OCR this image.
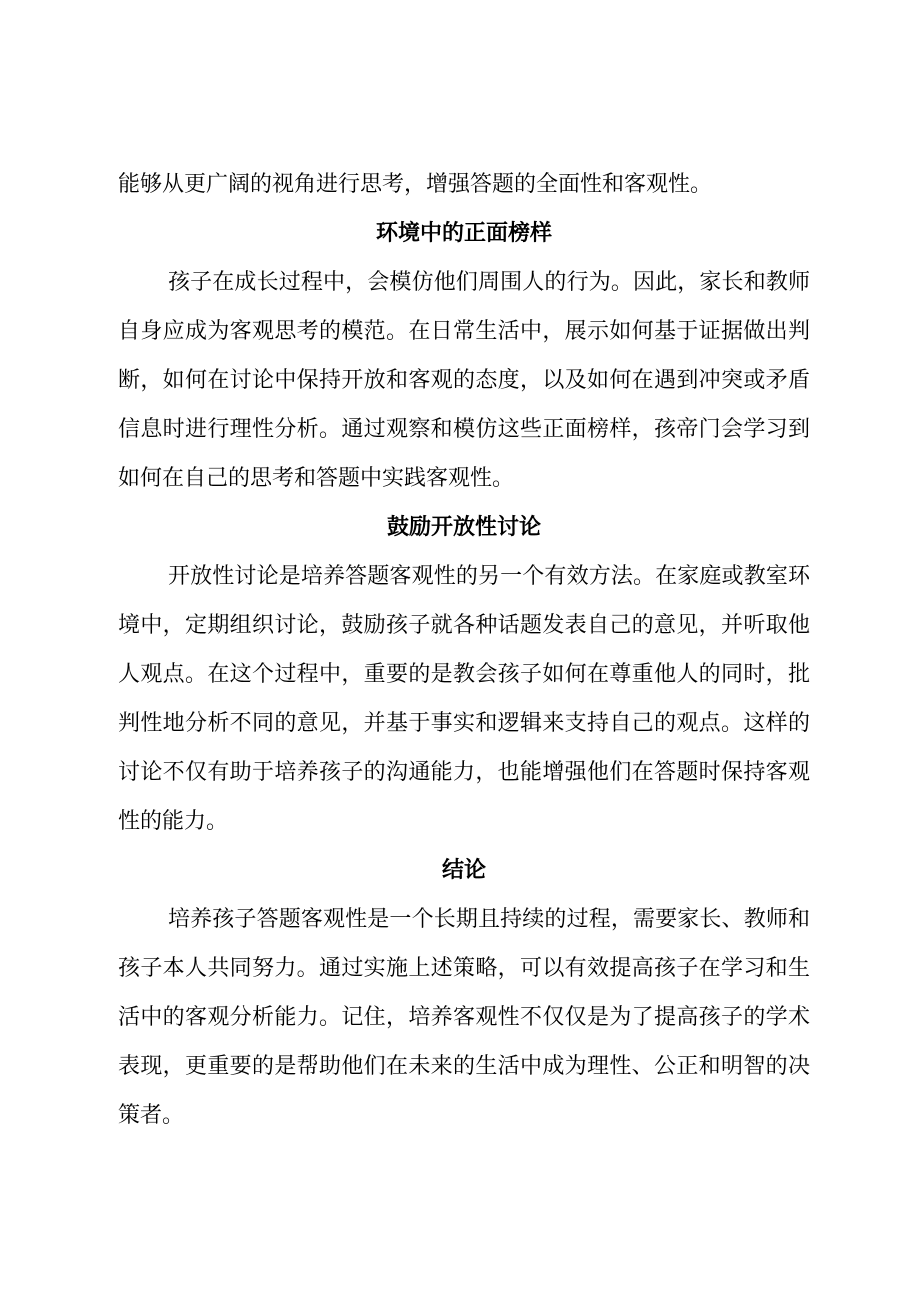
能够从更广阔的视角进行思考，增强答题的全面性和客观性。

环境中的正面榜样

孩子在成长过程中，会模仿他们周围人的行为。因此，家长和教师自身应成为客观思考的模范。在日常生活中，展示如何基于证据做出判断，如何在讨论中保持开放和客观的态度，以及如何在遇到冲突或矛盾信息时进行理性分析。通过观察和模仿这些正面榜样，孩帝门会学习到如何在自己的思考和答题中实践客观性。

鼓励开放性讨论

开放性讨论是培养答题客观性的另一个有效方法。在家庭或教室环境中，定期组织讨论，鼓励孩子就各种话题发表自己的意见，并听取他人观点。在这个过程中，重要的是教会孩子如何在尊重他人的同时，批判性地分析不同的意见，并基于事实和逻辑来支持自己的观点。这样的讨论不仅有助于培养孩子的沟通能力，也能增强他们在答题时保持客观性的能力。

结论

培养孩子答题客观性是一个长期且持续的过程，需要家长、教师和孩子本人共同努力。通过实施上述策略，可以有效提高孩子在学习和生活中的客观分析能力。记住，培养客观性不仅仅是为了提高孩子的学术表现，更重要的是帮助他们在未来的生活中成为理性、公正和明智的决策者。
